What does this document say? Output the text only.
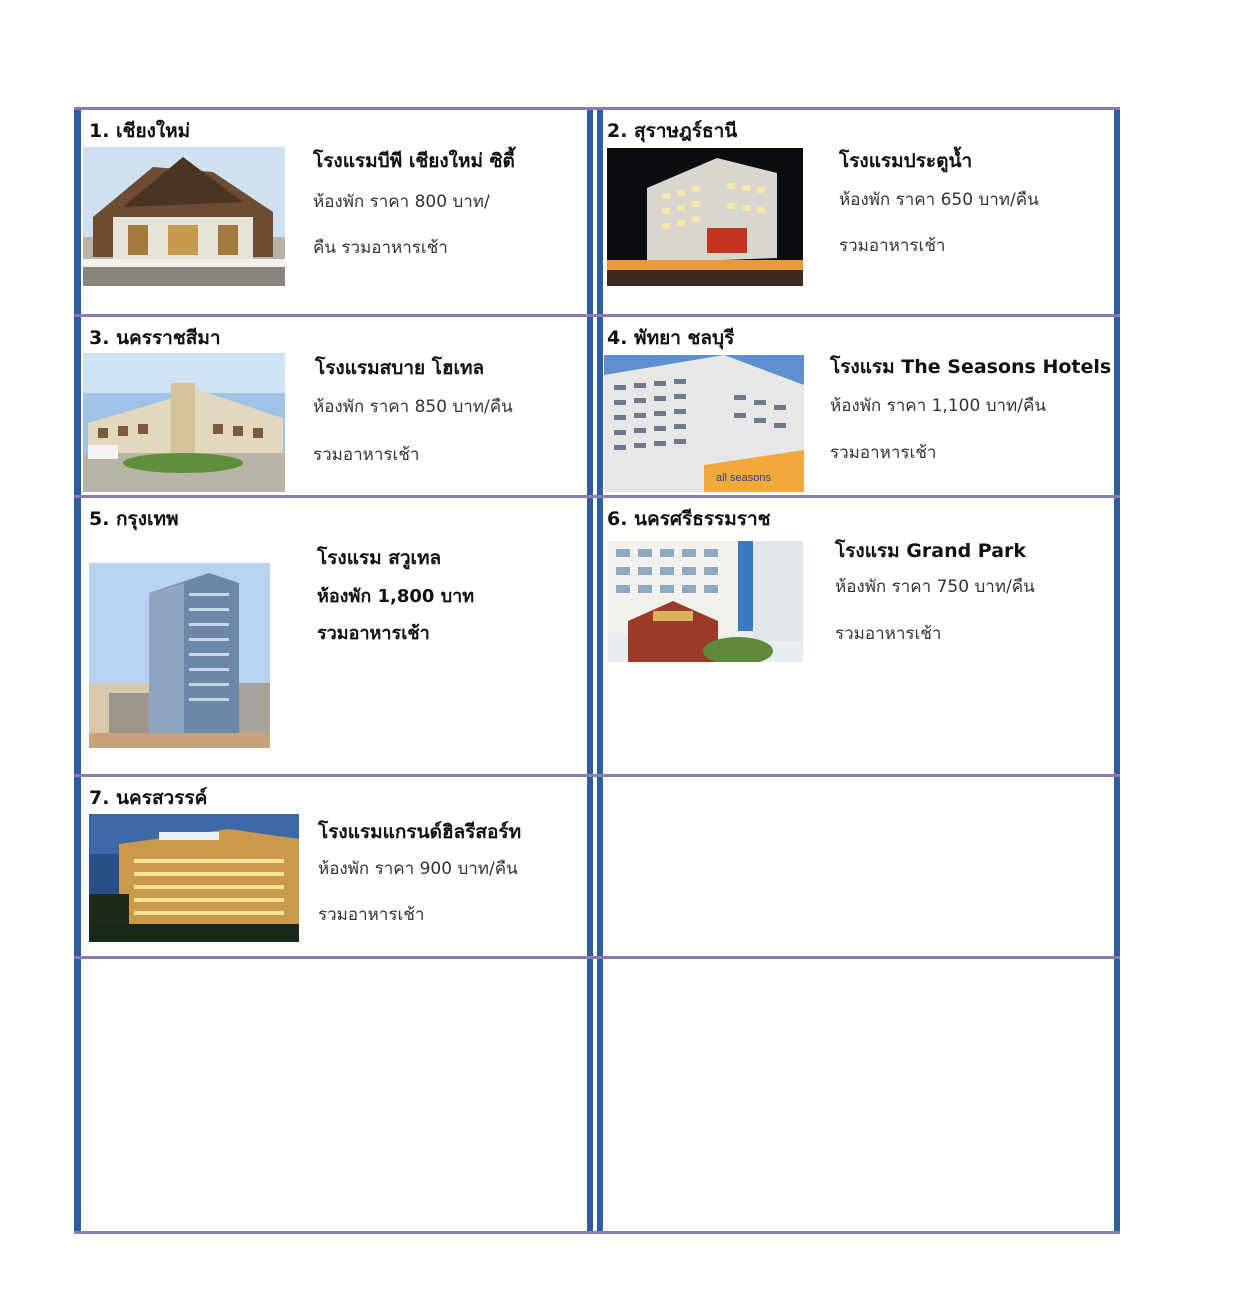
1. เชียงใหม่
โรงแรมบีพี เชียงใหม่ ซิตี้
ห้องพัก ราคา 800 บาท/
คืน รวมอาหารเช้า
2. สุราษฎร์ธานี
โรงแรมประตูน้ำ
ห้องพัก ราคา 650 บาท/คืน
รวมอาหารเช้า
3. นครราชสีมา
โรงแรมสบาย โฮเทล
ห้องพัก ราคา 850 บาท/คืน
รวมอาหารเช้า
4. พัทยา ชลบุรี
all seasons
โรงแรม The Seasons Hotels
ห้องพัก ราคา 1,100 บาท/คืน
รวมอาหารเช้า
5. กรุงเทพ
โรงแรม สวูเทล
ห้องพัก 1,800 บาท
รวมอาหารเช้า
6. นครศรีธรรมราช
โรงแรม Grand Park
ห้องพัก ราคา 750 บาท/คืน
รวมอาหารเช้า
7. นครสวรรค์
โรงแรมแกรนด์ฮิลรีสอร์ท
ห้องพัก ราคา 900 บาท/คืน
รวมอาหารเช้า
